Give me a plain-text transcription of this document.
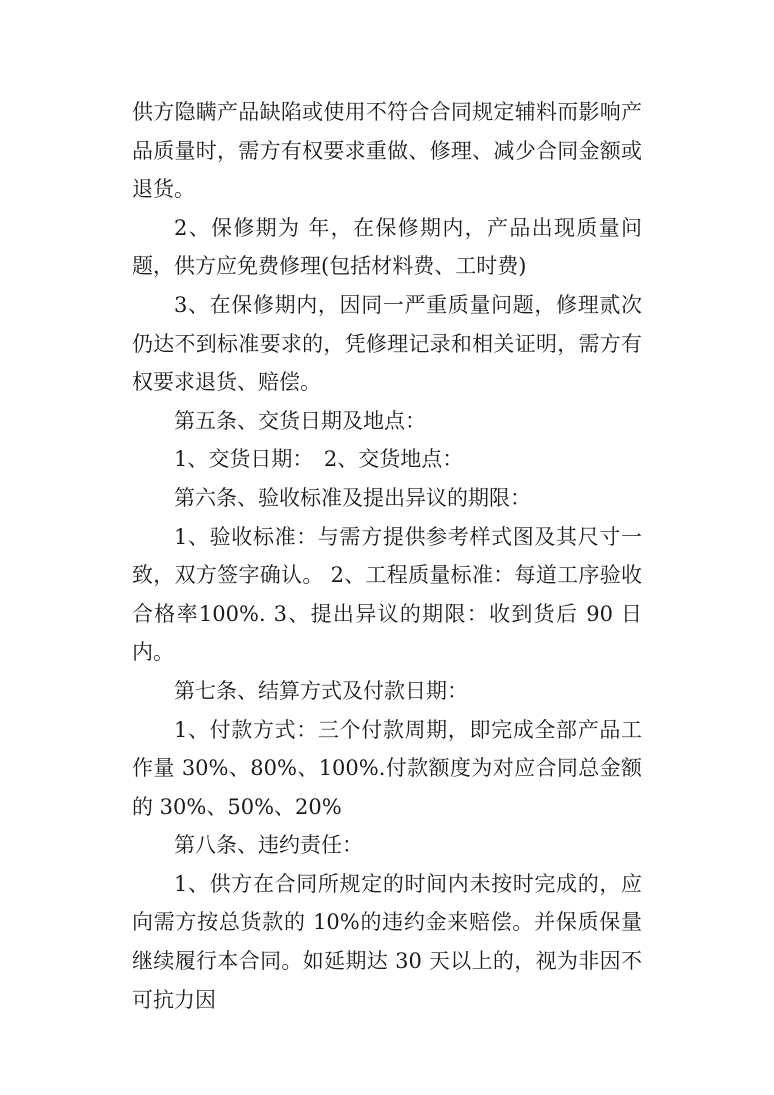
供方隐瞒产品缺陷或使用不符合合同规定辅料而影响产品质量时，需方有权要求重做、修理、减少合同金额或退货。

2、保修期为 年，在保修期内，产品出现质量问题，供方应免费修理(包括材料费、工时费)

3、在保修期内，因同一严重质量问题，修理贰次仍达不到标准要求的，凭修理记录和相关证明，需方有权要求退货、赔偿。

第五条、交货日期及地点：

1、交货日期：　2、交货地点：

第六条、验收标准及提出异议的期限：

1、验收标准：与需方提供参考样式图及其尺寸一致，双方签字确认。 2、工程质量标准：每道工序验收合格率100%. 3、提出异议的期限：收到货后 90 日内。

第七条、结算方式及付款日期：

1、付款方式：三个付款周期，即完成全部产品工作量 30%、80%、100%.付款额度为对应合同总金额的 30%、50%、20%

第八条、违约责任：

1、供方在合同所规定的时间内未按时完成的，应向需方按总货款的 10%的违约金来赔偿。并保质保量继续履行本合同。如延期达 30 天以上的，视为非因不可抗力因
